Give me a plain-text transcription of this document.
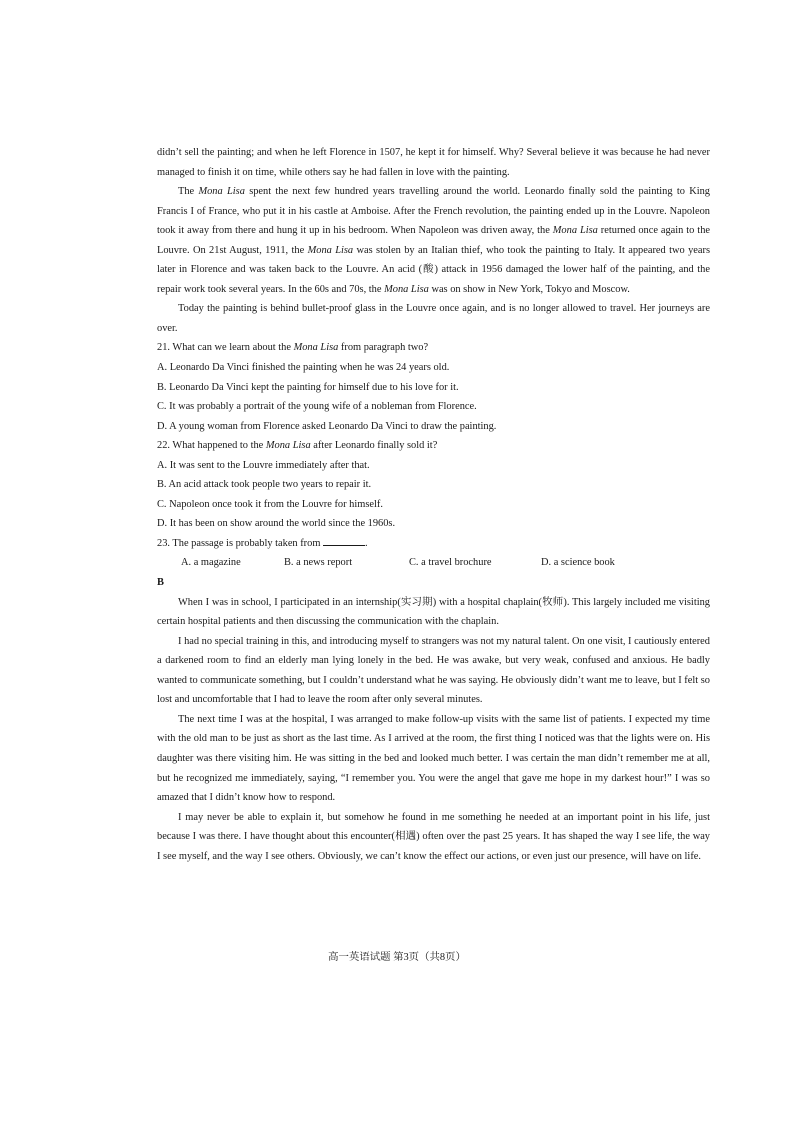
didn’t sell the painting; and when he left Florence in 1507, he kept it for himself. Why? Several believe it was because he had never managed to finish it on time, while others say he had fallen in love with the painting.

The Mona Lisa spent the next few hundred years travelling around the world. Leonardo finally sold the painting to King Francis I of France, who put it in his castle at Amboise. After the French revolution, the painting ended up in the Louvre. Napoleon took it away from there and hung it up in his bedroom. When Napoleon was driven away, the Mona Lisa returned once again to the Louvre. On 21st August, 1911, the Mona Lisa was stolen by an Italian thief, who took the painting to Italy. It appeared two years later in Florence and was taken back to the Louvre. An acid (酸) attack in 1956 damaged the lower half of the painting, and the repair work took several years. In the 60s and 70s, the Mona Lisa was on show in New York, Tokyo and Moscow.

Today the painting is behind bullet-proof glass in the Louvre once again, and is no longer allowed to travel. Her journeys are over.

21. What can we learn about the Mona Lisa from paragraph two?

A. Leonardo Da Vinci finished the painting when he was 24 years old.

B. Leonardo Da Vinci kept the painting for himself due to his love for it.

C. It was probably a portrait of the young wife of a nobleman from Florence.

D. A young woman from Florence asked Leonardo Da Vinci to draw the painting.

22. What happened to the Mona Lisa after Leonardo finally sold it?

A. It was sent to the Louvre immediately after that.

B. An acid attack took people two years to repair it.

C. Napoleon once took it from the Louvre for himself.

D. It has been on show around the world since the 1960s.

23. The passage is probably taken from	.

A. a magazine	B. a news report	C. a travel brochure	D. a science book

B

When I was in school, I participated in an internship(实习期) with a hospital chaplain(牧师). This largely included me visiting certain hospital patients and then discussing the communication with the chaplain.

I had no special training in this, and introducing myself to strangers was not my natural talent. On one visit, I cautiously entered a darkened room to find an elderly man lying lonely in the bed. He was awake, but very weak, confused and anxious. He badly wanted to communicate something, but I couldn’t understand what he was saying. He obviously didn’t want me to leave, but I felt so lost and uncomfortable that I had to leave the room after only several minutes.

The next time I was at the hospital, I was arranged to make follow-up visits with the same list of patients. I expected my time with the old man to be just as short as the last time. As I arrived at the room, the first thing I noticed was that the lights were on. His daughter was there visiting him. He was sitting in the bed and looked much better. I was certain the man didn’t remember me at all, but he recognized me immediately, saying, “I remember you. You were the angel that gave me hope in my darkest hour!” I was so amazed that I didn’t know how to respond.

I may never be able to explain it, but somehow he found in me something he needed at an important point in his life, just because I was there. I have thought about this encounter(相遇) often over the past 25 years. It has shaped the way I see life, the way I see myself, and the way I see others. Obviously, we can’t know the effect our actions, or even just our presence, will have on life.

高一英语试题 第3页（共8页）
